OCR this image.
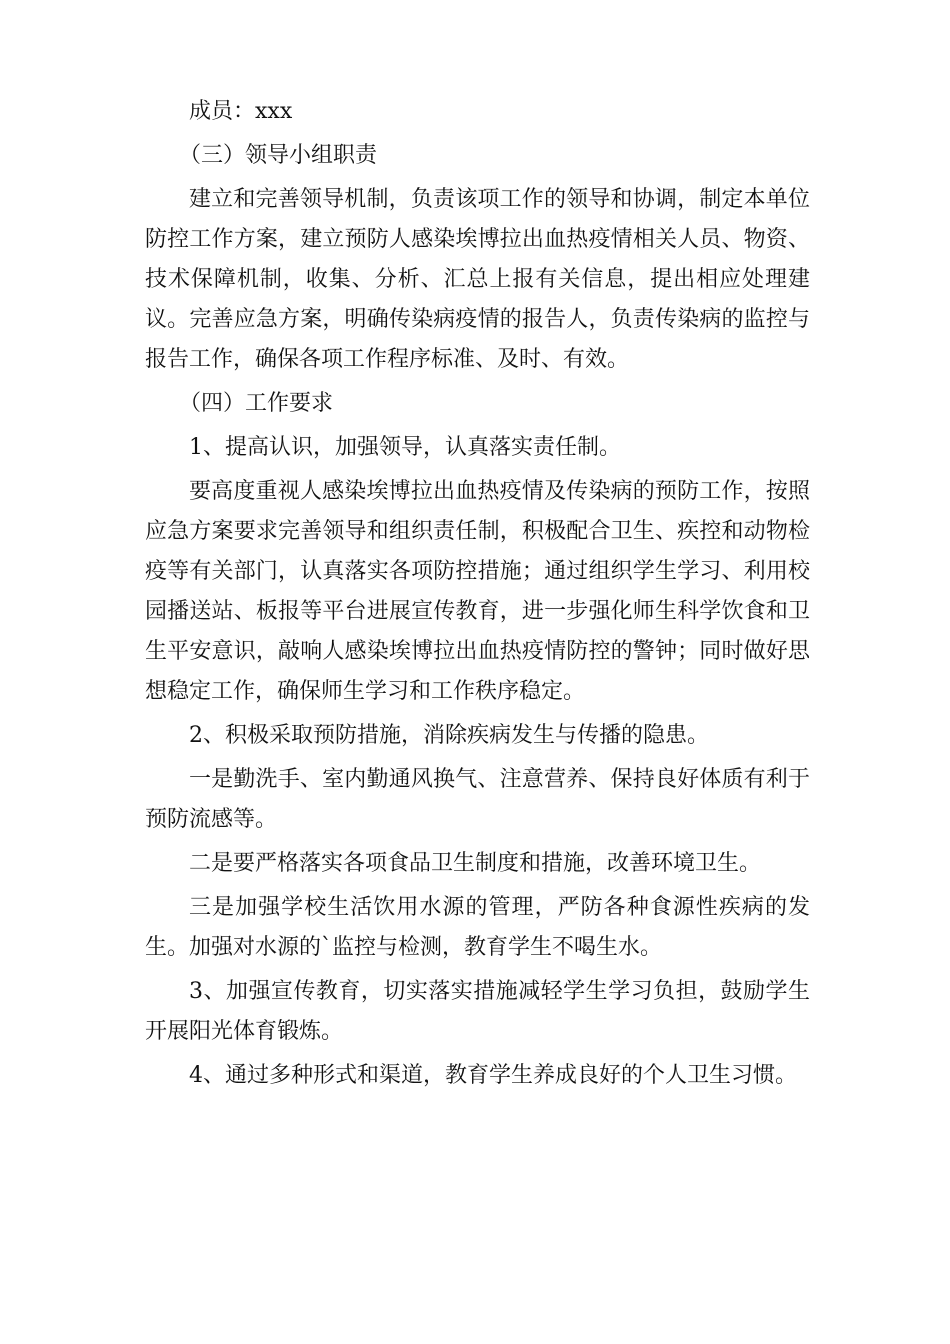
成员：xxx

（三）领导小组职责

建立和完善领导机制，负责该项工作的领导和协调，制定本单位防控工作方案，建立预防人感染埃博拉出血热疫情相关人员、物资、技术保障机制，收集、分析、汇总上报有关信息，提出相应处理建议。完善应急方案，明确传染病疫情的报告人，负责传染病的监控与报告工作，确保各项工作程序标准、及时、有效。

（四）工作要求

1、提高认识，加强领导，认真落实责任制。

要高度重视人感染埃博拉出血热疫情及传染病的预防工作，按照应急方案要求完善领导和组织责任制，积极配合卫生、疾控和动物检疫等有关部门，认真落实各项防控措施；通过组织学生学习、利用校园播送站、板报等平台进展宣传教育，进一步强化师生科学饮食和卫生平安意识，敲响人感染埃博拉出血热疫情防控的警钟；同时做好思想稳定工作，确保师生学习和工作秩序稳定。

2、积极采取预防措施，消除疾病发生与传播的隐患。

一是勤洗手、室内勤通风换气、注意营养、保持良好体质有利于预防流感等。

二是要严格落实各项食品卫生制度和措施，改善环境卫生。

三是加强学校生活饮用水源的管理，严防各种食源性疾病的发生。加强对水源的`监控与检测，教育学生不喝生水。

3、加强宣传教育，切实落实措施减轻学生学习负担，鼓励学生开展阳光体育锻炼。

4、通过多种形式和渠道，教育学生养成良好的个人卫生习惯。
